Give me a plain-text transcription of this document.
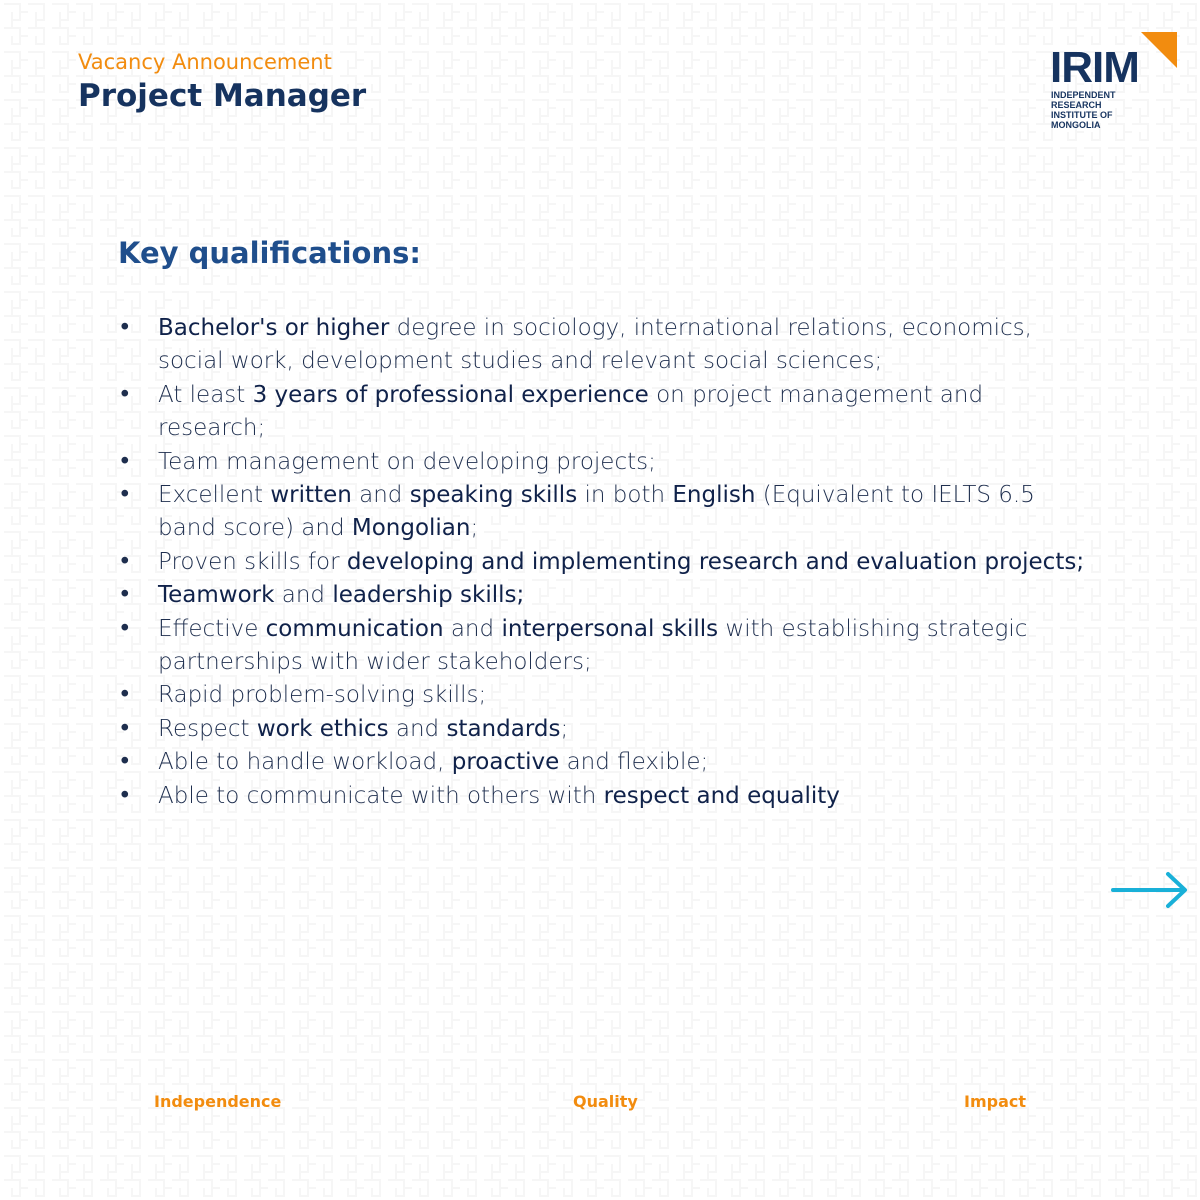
Vacancy Announcement
Project Manager
IRIM
INDEPENDENT
RESEARCH
INSTITUTE OF
MONGOLIA
Key qualifications:
• Bachelor's or higher degree in sociology, international relations, economics, social work, development studies and relevant social sciences;
• At least 3 years of professional experience on project management and research;
• Team management on developing projects;
• Excellent written and speaking skills in both English (Equivalent to IELTS 6.5 band score) and Mongolian;
• Proven skills for developing and implementing research and evaluation projects;
• Teamwork and leadership skills;
• Effective communication and interpersonal skills with establishing strategic partnerships with wider stakeholders;
• Rapid problem-solving skills;
• Respect work ethics and standards;
• Able to handle workload, proactive and flexible;
• Able to communicate with others with respect and equality
Independence	Quality	Impact
